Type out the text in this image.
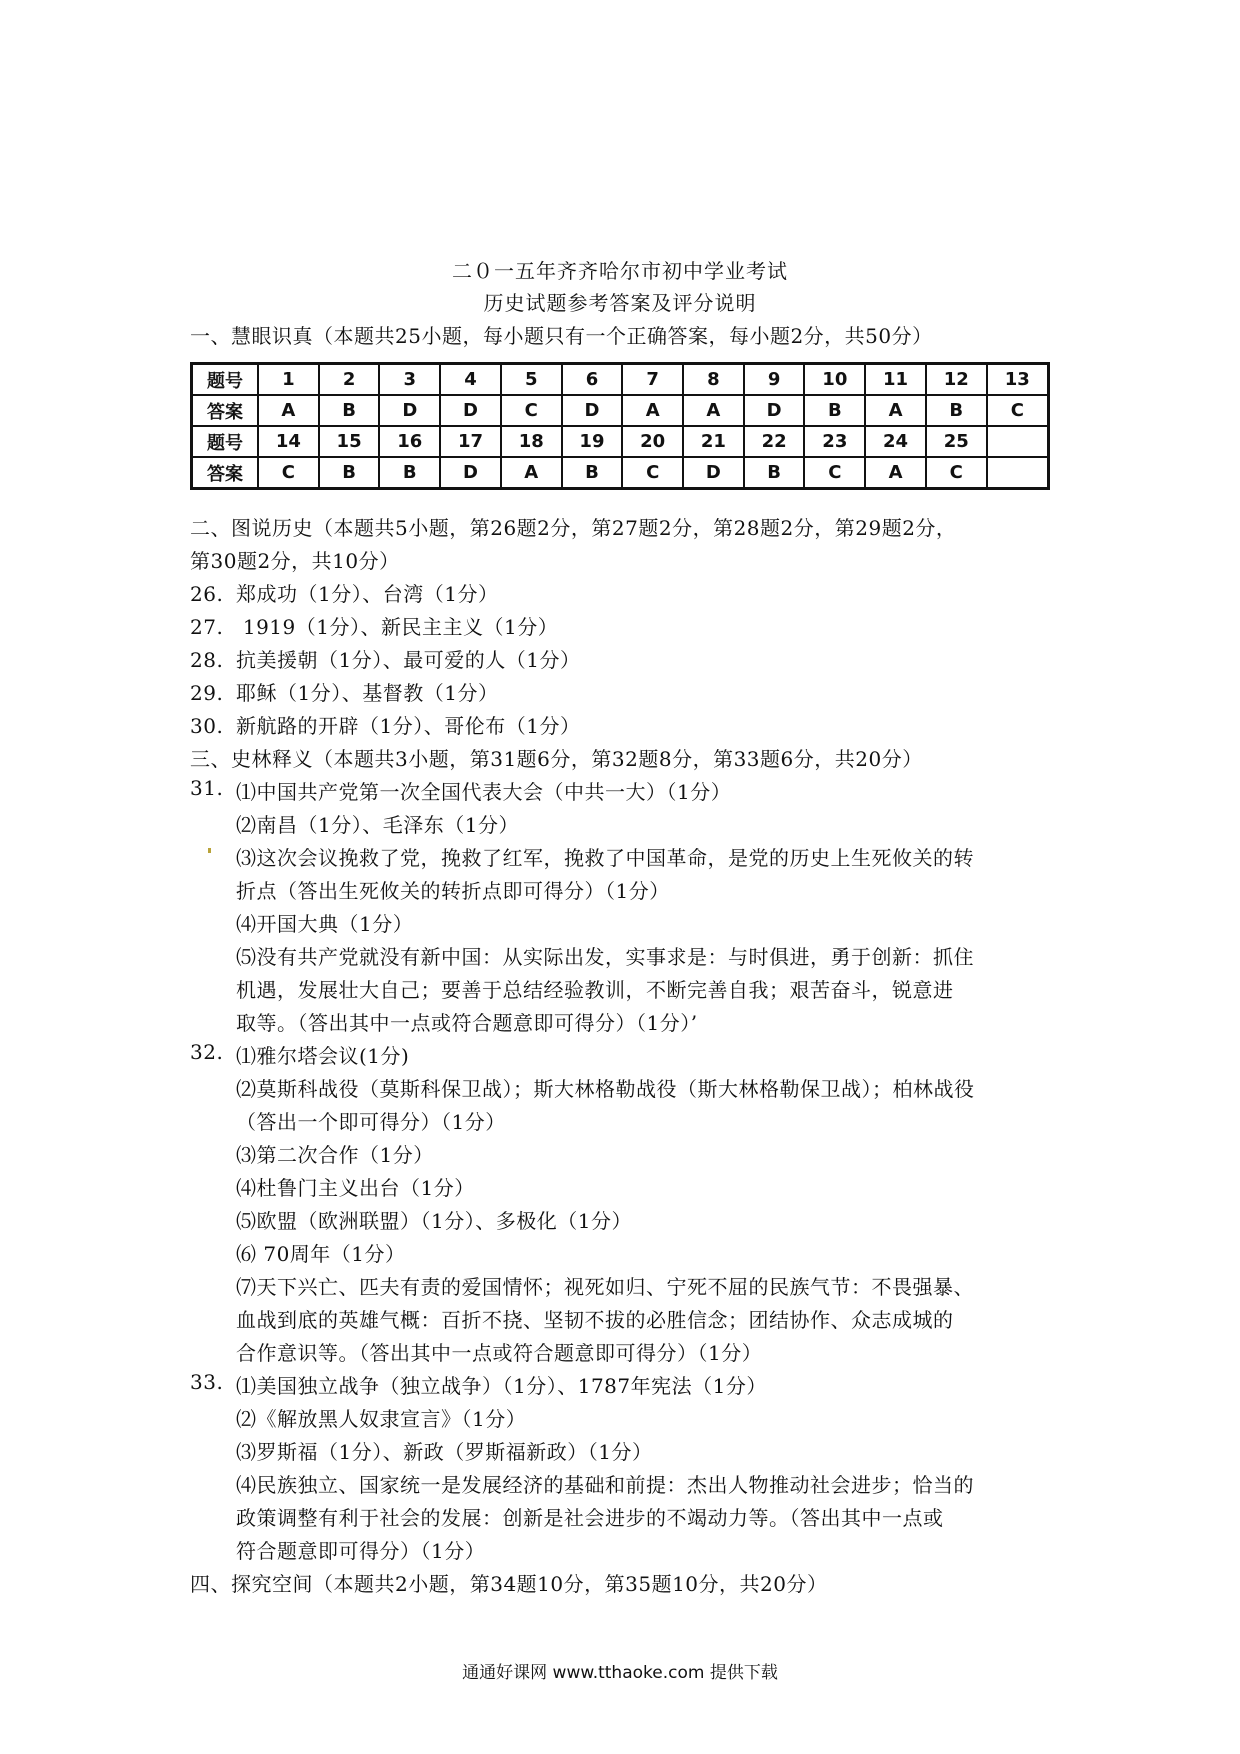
二０一五年齐齐哈尔市初中学业考试
历史试题参考答案及评分说明
一、慧眼识真（本题共25小题，每小题只有一个正确答案，每小题2分，共50分）
题号	1	2	3	4	5	6	7	8	9	10	11	12	13
答案	A	B	D	D	C	D	A	A	D	B	A	B	C
题号	14	15	16	17	18	19	20	21	22	23	24	25	
答案	C	B	B	D	A	B	C	D	B	C	A	C	
二、图说历史（本题共5小题，第26题2分，第27题2分，第28题2分，第29题2分，
第30题2分，共10分）
26. 郑成功（1分）、台湾（1分）
27. 1919（1分）、新民主主义（1分）
28. 抗美援朝（1分）、最可爱的人（1分）
29. 耶稣（1分）、基督教（1分）
30. 新航路的开辟（1分）、哥伦布（1分）
三、史林释义（本题共3小题，第31题6分，第32题8分，第33题6分，共20分）
31. ⑴中国共产党第一次全国代表大会（中共一大）（1分）
⑵南昌（1分）、毛泽东（1分）
⑶这次会议挽救了党，挽救了红军，挽救了中国革命，是党的历史上生死攸关的转
折点（答出生死攸关的转折点即可得分）（1分）
⑷开国大典（1分）
⑸没有共产党就没有新中国：从实际出发，实事求是：与时俱进，勇于创新：抓住
机遇，发展壮大自己；要善于总结经验教训，不断完善自我；艰苦奋斗，锐意进
取等。（答出其中一点或符合题意即可得分）（1分）’
32. ⑴雅尔塔会议(1分)
⑵莫斯科战役（莫斯科保卫战）；斯大林格勒战役（斯大林格勒保卫战）；柏林战役
（答出一个即可得分）（1分）
⑶第二次合作（1分）
⑷杜鲁门主义出台（1分）
⑸欧盟（欧洲联盟）（1分）、多极化（1分）
⑹ 70周年（1分）
⑺天下兴亡、匹夫有责的爱国情怀；视死如归、宁死不屈的民族气节：不畏强暴、
血战到底的英雄气概：百折不挠、坚韧不拔的必胜信念；团结协作、众志成城的
合作意识等。（答出其中一点或符合题意即可得分）（1分）
33. ⑴美国独立战争（独立战争）（1分）、1787年宪法（1分）
⑵《解放黑人奴隶宣言》（1分）
⑶罗斯福（1分）、新政（罗斯福新政）（1分）
⑷民族独立、国家统一是发展经济的基础和前提：杰出人物推动社会进步；恰当的
政策调整有利于社会的发展：创新是社会进步的不竭动力等。（答出其中一点或
符合题意即可得分）（1分）
四、探究空间（本题共2小题，第34题10分，第35题10分，共20分）
通通好课网 www.tthaoke.com 提供下载
